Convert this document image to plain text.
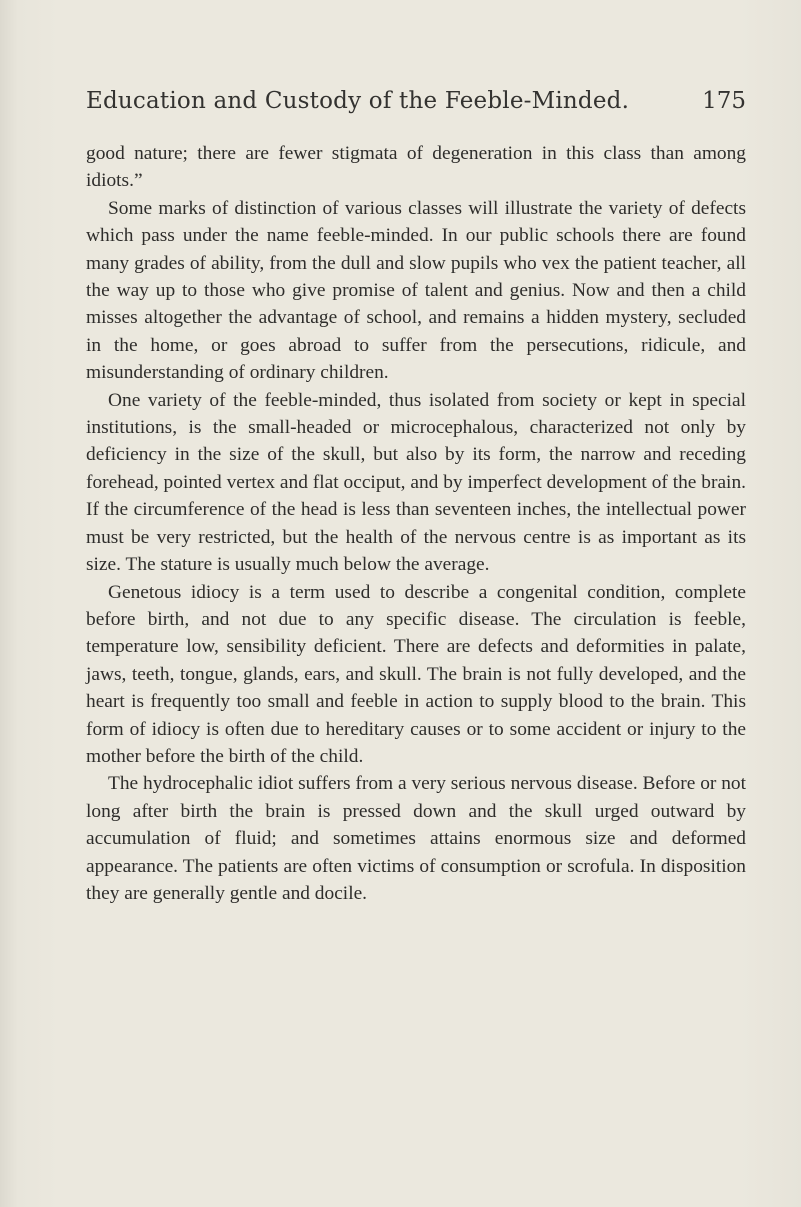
Education and Custody of the Feeble-Minded.	175

good nature; there are fewer stigmata of degeneration in this class than among idiots.”

Some marks of distinction of various classes will illustrate the variety of defects which pass under the name feeble-minded. In our public schools there are found many grades of ability, from the dull and slow pupils who vex the patient teacher, all the way up to those who give promise of talent and genius. Now and then a child misses altogether the advantage of school, and remains a hidden mystery, secluded in the home, or goes abroad to suffer from the persecutions, ridicule, and misunderstanding of ordinary children.

One variety of the feeble-minded, thus isolated from society or kept in special institutions, is the small-headed or microcephalous, characterized not only by deficiency in the size of the skull, but also by its form, the narrow and receding forehead, pointed vertex and flat occiput, and by imperfect development of the brain. If the circumference of the head is less than seventeen inches, the intellectual power must be very restricted, but the health of the nervous centre is as important as its size. The stature is usually much below the average.

Genetous idiocy is a term used to describe a congenital condition, complete before birth, and not due to any specific disease. The circulation is feeble, temperature low, sensibility deficient. There are defects and deformities in palate, jaws, teeth, tongue, glands, ears, and skull. The brain is not fully developed, and the heart is frequently too small and feeble in action to supply blood to the brain. This form of idiocy is often due to hereditary causes or to some accident or injury to the mother before the birth of the child.

The hydrocephalic idiot suffers from a very serious nervous disease. Before or not long after birth the brain is pressed down and the skull urged outward by accumulation of fluid; and sometimes attains enormous size and deformed appearance. The patients are often victims of consumption or scrofula. In disposition they are generally gentle and docile.
